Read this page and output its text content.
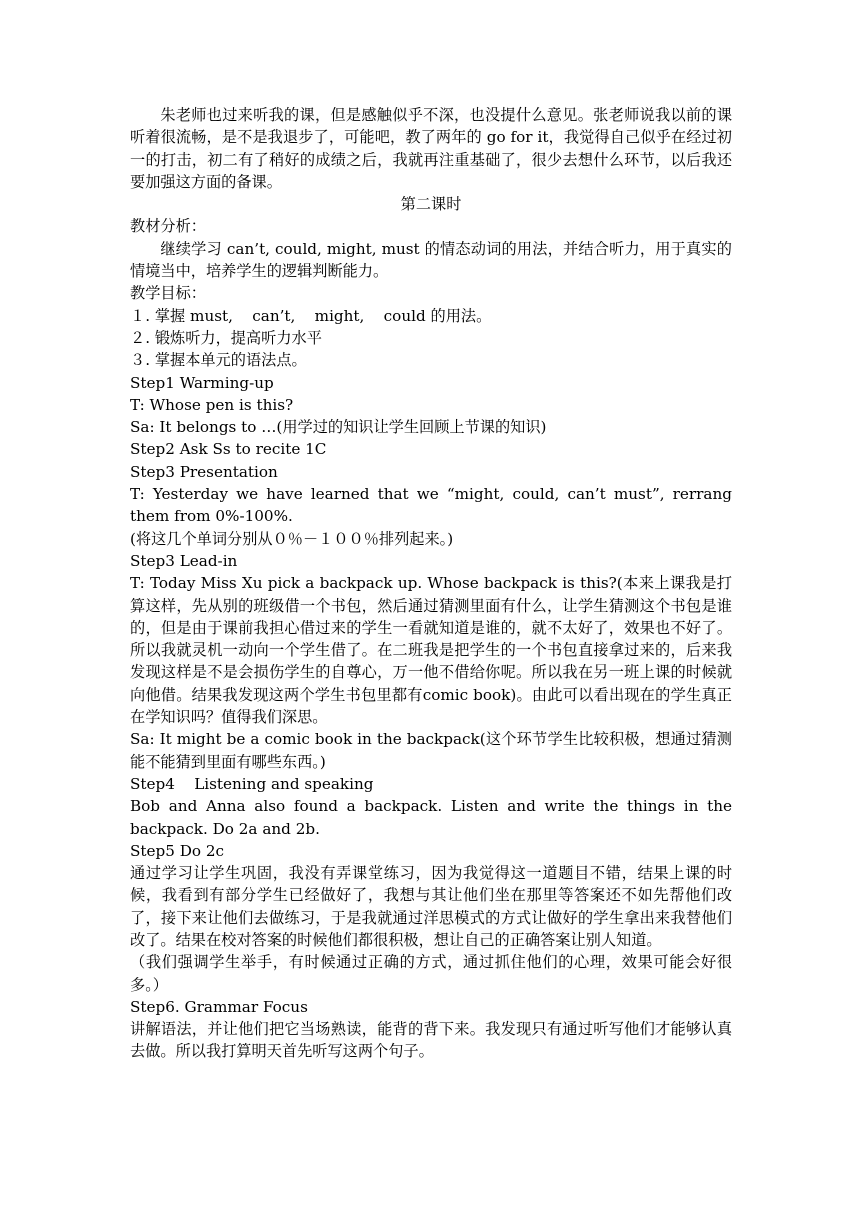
朱老师也过来听我的课，但是感触似乎不深，也没提什么意见。张老师说我以前的课听着很流畅，是不是我退步了，可能吧，教了两年的 go for it，我觉得自己似乎在经过初一的打击，初二有了稍好的成绩之后，我就再注重基础了，很少去想什么环节，以后我还要加强这方面的备课。

第二课时

教材分析：

继续学习 can’t, could, might, must 的情态动词的用法，并结合听力，用于真实的情境当中，培养学生的逻辑判断能力。

教学目标：

１. 掌握 must,    can’t,    might,    could 的用法。

２. 锻炼听力，提高听力水平

３. 掌握本单元的语法点。

Step1 Warming-up

T: Whose pen is this?

Sa: It belongs to …(用学过的知识让学生回顾上节课的知识)

Step2 Ask Ss to recite 1C

Step3 Presentation

T: Yesterday we have learned that we “might, could, can’t must”, rerrang them from 0%-100%.

(将这几个单词分别从０％－１００％排列起来。)

Step3 Lead-in

T: Today Miss Xu pick a backpack up. Whose backpack is this?(本来上课我是打算这样，先从别的班级借一个书包，然后通过猜测里面有什么，让学生猜测这个书包是谁的，但是由于课前我担心借过来的学生一看就知道是谁的，就不太好了，效果也不好了。所以我就灵机一动向一个学生借了。在二班我是把学生的一个书包直接拿过来的，后来我发现这样是不是会损伤学生的自尊心，万一他不借给你呢。所以我在另一班上课的时候就向他借。结果我发现这两个学生书包里都有comic book)。由此可以看出现在的学生真正在学知识吗？值得我们深思。

Sa: It might be a comic book in the backpack(这个环节学生比较积极，想通过猜测能不能猜到里面有哪些东西。)

Step4    Listening and speaking

Bob and Anna also found a backpack. Listen and write the things in the backpack. Do 2a and 2b.

Step5 Do 2c

通过学习让学生巩固，我没有弄课堂练习，因为我觉得这一道题目不错，结果上课的时候，我看到有部分学生已经做好了，我想与其让他们坐在那里等答案还不如先帮他们改了，接下来让他们去做练习，于是我就通过洋思模式的方式让做好的学生拿出来我替他们改了。结果在校对答案的时候他们都很积极，想让自己的正确答案让别人知道。

（我们强调学生举手，有时候通过正确的方式，通过抓住他们的心理，效果可能会好很多。）

Step6. Grammar Focus

讲解语法，并让他们把它当场熟读，能背的背下来。我发现只有通过听写他们才能够认真去做。所以我打算明天首先听写这两个句子。
